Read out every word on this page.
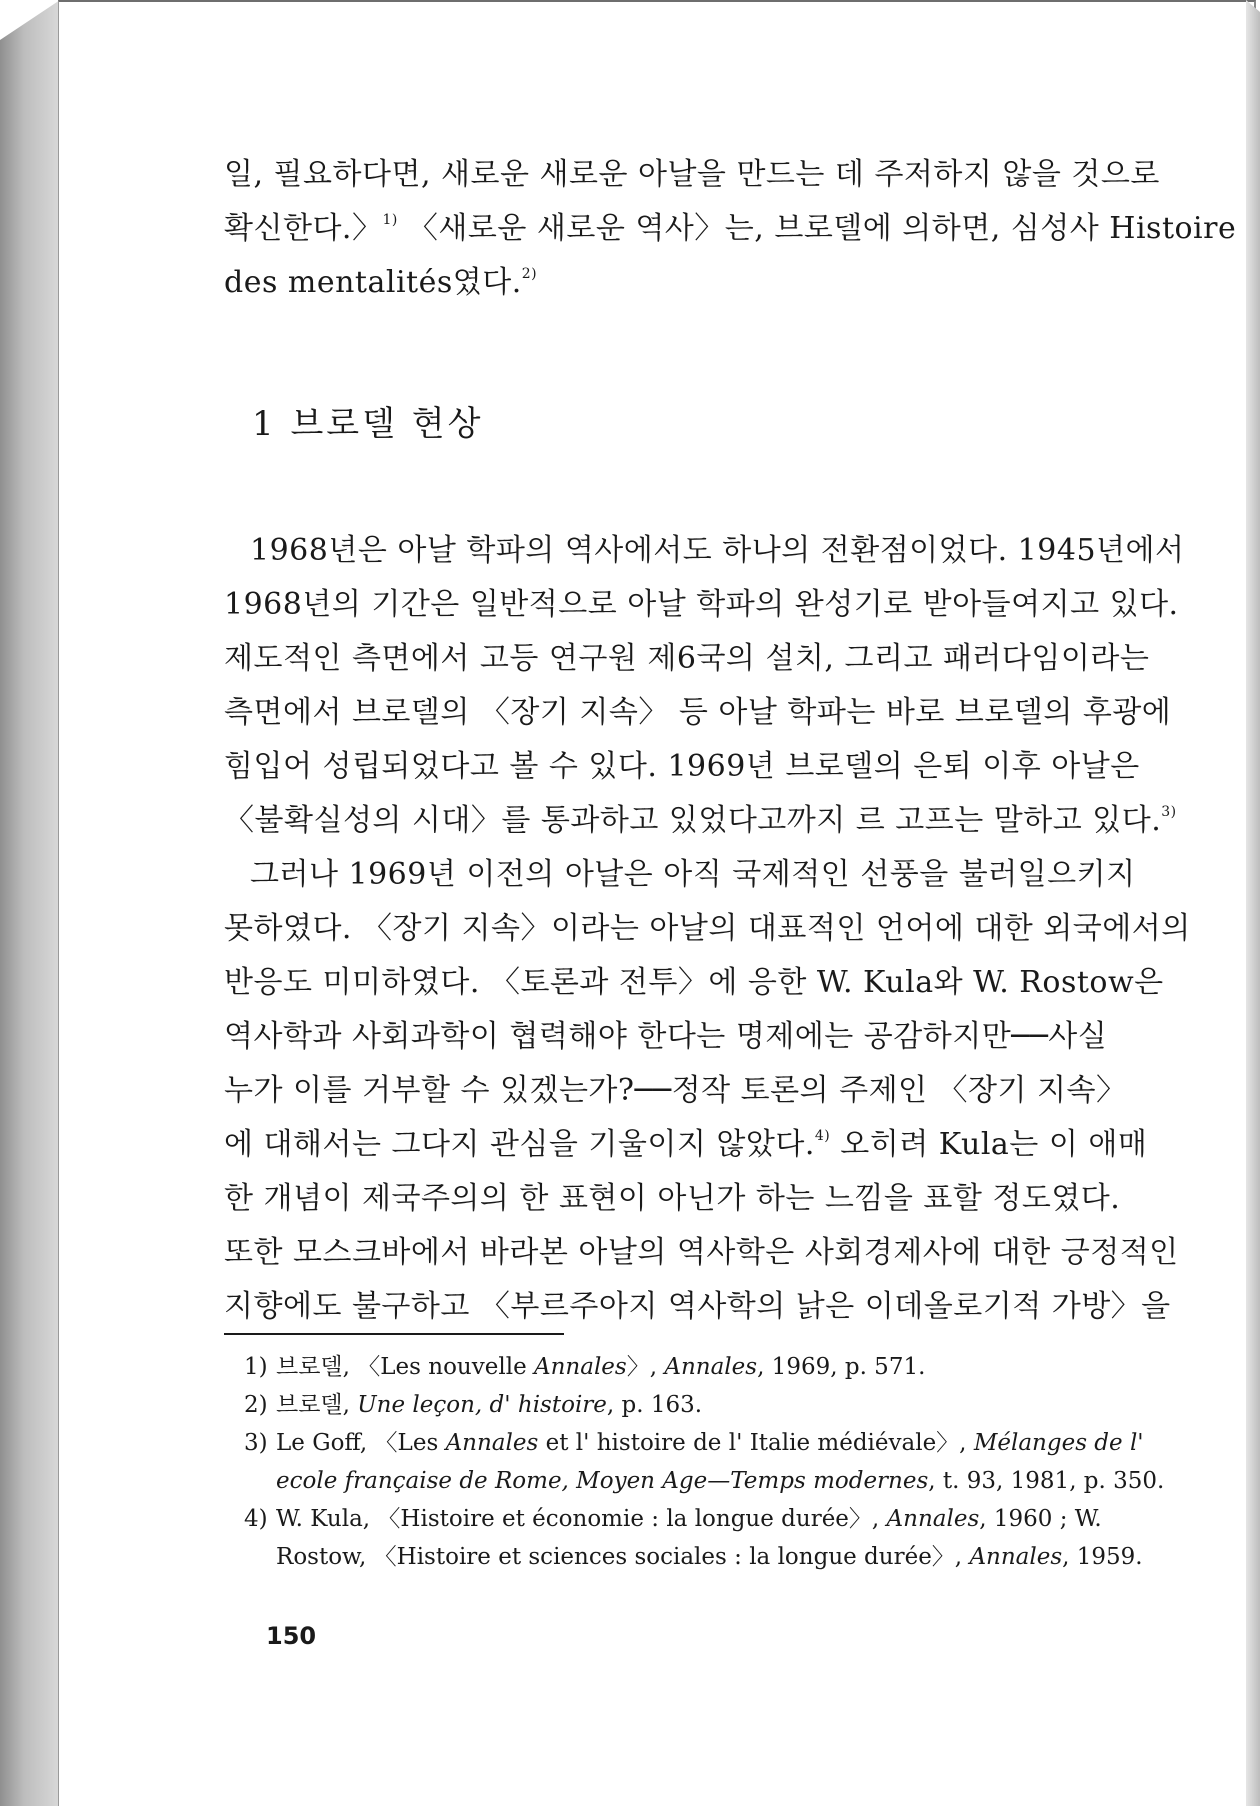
일, 필요하다면, 새로운 새로운 아날을 만드는 데 주저하지 않을 것으로
확신한다.〉$^{1)}$ 〈새로운 새로운 역사〉는, 브로델에 의하면, 심성사 Histoire
des mentalités였다.$^{2)}$
1 브로델 현상
1968년은 아날 학파의 역사에서도 하나의 전환점이었다. 1945년에서
1968년의 기간은 일반적으로 아날 학파의 완성기로 받아들여지고 있다.
제도적인 측면에서 고등 연구원 제6국의 설치, 그리고 패러다임이라는
측면에서 브로델의 〈장기 지속〉 등 아날 학파는 바로 브로델의 후광에
힘입어 성립되었다고 볼 수 있다. 1969년 브로델의 은퇴 이후 아날은
〈불확실성의 시대〉를 통과하고 있었다고까지 르 고프는 말하고 있다.$^{3)}$
그러나 1969년 이전의 아날은 아직 국제적인 선풍을 불러일으키지
못하였다. 〈장기 지속〉이라는 아날의 대표적인 언어에 대한 외국에서의
반응도 미미하였다. 〈토론과 전투〉에 응한 W. Kula와 W. Rostow은
역사학과 사회과학이 협력해야 한다는 명제에는 공감하지만──사실
누가 이를 거부할 수 있겠는가?──정작 토론의 주제인 〈장기 지속〉
에 대해서는 그다지 관심을 기울이지 않았다.$^{4)}$ 오히려 Kula는 이 애매
한 개념이 제국주의의 한 표현이 아닌가 하는 느낌을 표할 정도였다.
또한 모스크바에서 바라본 아날의 역사학은 사회경제사에 대한 긍정적인
지향에도 불구하고 〈부르주아지 역사학의 낡은 이데올로기적 가방〉을
1) 브로델, 〈Les nouvelle Annales〉, Annales, 1969, p. 571.
2) 브로델, Une leçon, d' histoire, p. 163.
3) Le Goff, 〈Les Annales et l' histoire de l' Italie médiévale〉, Mélanges de l'
ecole française de Rome, Moyen Age—Temps modernes, t. 93, 1981, p. 350.
4) W. Kula, 〈Histoire et économie : la longue durée〉, Annales, 1960 ; W.
Rostow, 〈Histoire et sciences sociales : la longue durée〉, Annales, 1959.
150
